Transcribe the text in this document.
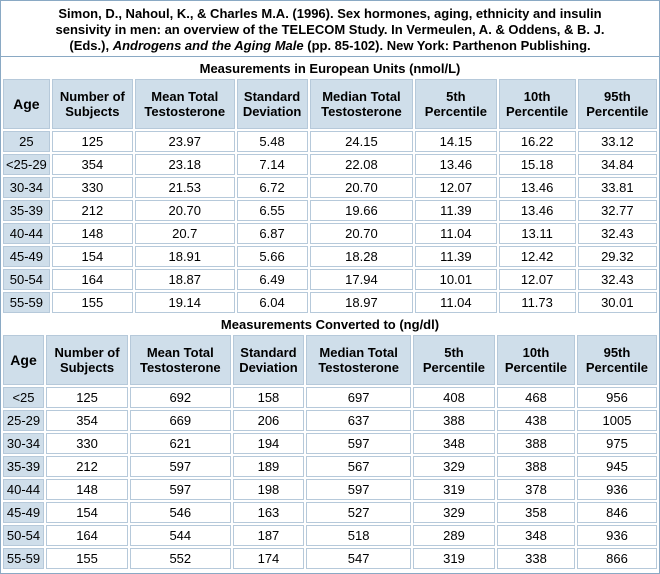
Simon, D., Nahoul, K., & Charles M.A. (1996). Sex hormones, aging, ethnicity and insulin
sensivity in men: an overview of the TELECOM Study. In Vermeulen, A. & Oddens, & B. J.
(Eds.), Androgens and the Aging Male (pp. 85-102). New York: Parthenon Publishing.
Measurements in European Units (nmol/L)							
Age	Number of Subjects	Mean Total Testosterone	Standard Deviation	Median Total Testosterone	5th Percentile	10th Percentile	95th Percentile
25	125	23.97	5.48	24.15	14.15	16.22	33.12
<25-29	354	23.18	7.14	22.08	13.46	15.18	34.84
30-34	330	21.53	6.72	20.70	12.07	13.46	33.81
35-39	212	20.70	6.55	19.66	11.39	13.46	32.77
40-44	148	20.7	6.87	20.70	11.04	13.11	32.43
45-49	154	18.91	5.66	18.28	11.39	12.42	29.32
50-54	164	18.87	6.49	17.94	10.01	12.07	32.43
55-59	155	19.14	6.04	18.97	11.04	11.73	30.01
Measurements Converted to (ng/dl)							
Age	Number of Subjects	Mean Total Testosterone	Standard Deviation	Median Total Testosterone	5th Percentile	10th Percentile	95th Percentile
<25	125	692	158	697	408	468	956
25-29	354	669	206	637	388	438	1005
30-34	330	621	194	597	348	388	975
35-39	212	597	189	567	329	388	945
40-44	148	597	198	597	319	378	936
45-49	154	546	163	527	329	358	846
50-54	164	544	187	518	289	348	936
55-59	155	552	174	547	319	338	866
